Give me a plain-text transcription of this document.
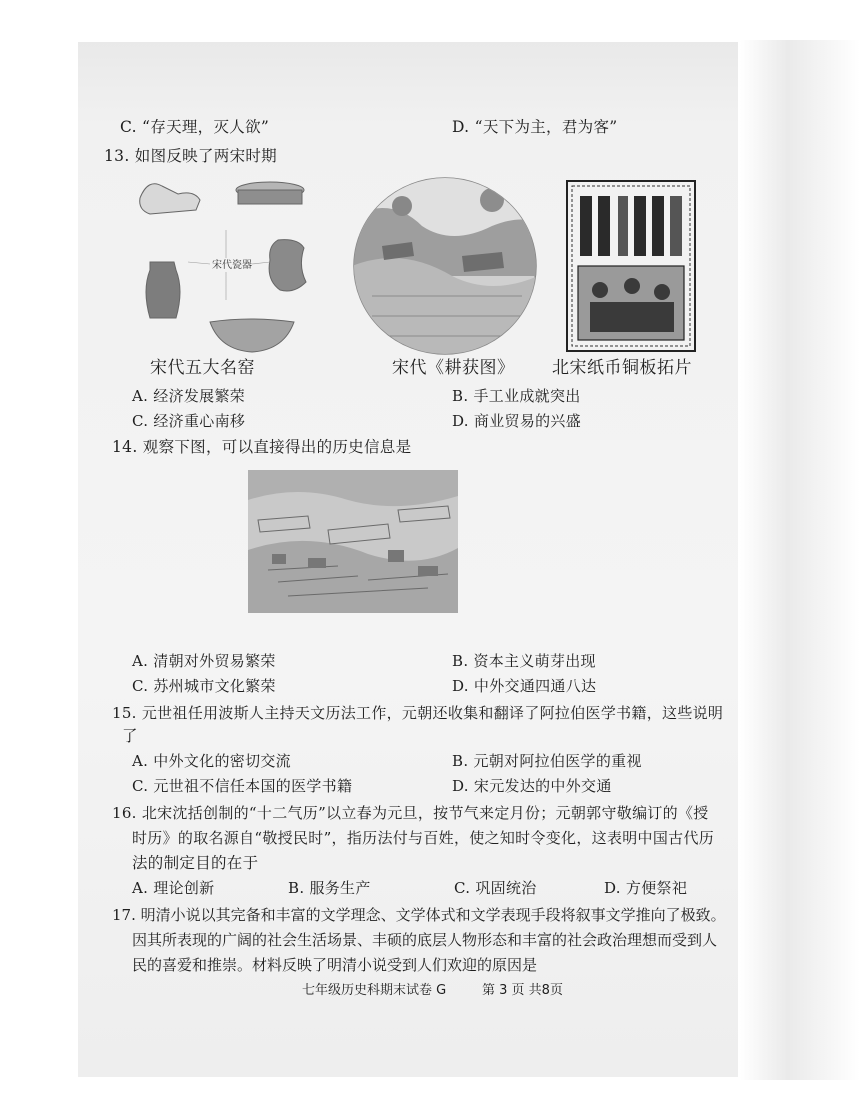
C. “存天理，灭人欲”	D. “天下为主，君为客”
13. 如图反映了两宋时期
宋代瓷器
宋代五大名窑	宋代《耕获图》 北宋纸币铜板拓片
A. 经济发展繁荣	B. 手工业成就突出
C. 经济重心南移	D. 商业贸易的兴盛
14. 观察下图，可以直接得出的历史信息是
A. 清朝对外贸易繁荣	B. 资本主义萌芽出现
C. 苏州城市文化繁荣	D. 中外交通四通八达
15. 元世祖任用波斯人主持天文历法工作，元朝还收集和翻译了阿拉伯医学书籍，这些说明
了
A. 中外文化的密切交流	B. 元朝对阿拉伯医学的重视
C. 元世祖不信任本国的医学书籍	D. 宋元发达的中外交通
16. 北宋沈括创制的“十二气历”以立春为元旦，按节气来定月份；元朝郭守敬编订的《授
时历》的取名源自“敬授民时”，指历法付与百姓，使之知时令变化，这表明中国古代历
法的制定目的在于
A. 理论创新	B. 服务生产	C. 巩固统治	D. 方便祭祀
17. 明清小说以其完备和丰富的文学理念、文学体式和文学表现手段将叙事文学推向了极致。
因其所表现的广阔的社会生活场景、丰硕的底层人物形态和丰富的社会政治理想而受到人
民的喜爱和推崇。材料反映了明清小说受到人们欢迎的原因是
七年级历史科期末试卷 G	第 3 页 共8页
